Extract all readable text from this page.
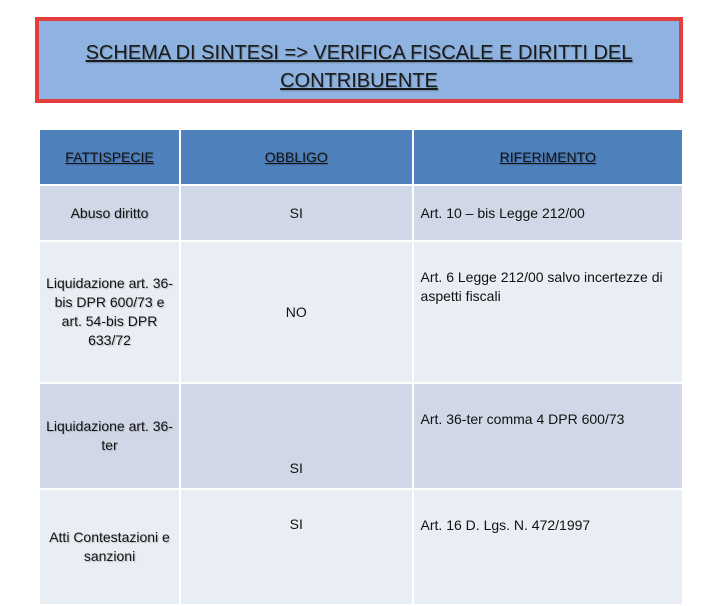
SCHEMA DI SINTESI => VERIFICA FISCALE E DIRITTI DEL CONTRIBUENTE
FATTISPECIE	OBBLIGO	RIFERIMENTO
Abuso diritto	SI	Art. 10 – bis Legge 212/00
Liquidazione art. 36-bis DPR 600/73 e art. 54-bis DPR 633/72	NO	Art. 6 Legge 212/00 salvo incertezze di aspetti fiscali
Liquidazione art. 36-ter	SI	Art. 36-ter comma 4 DPR 600/73
Atti Contestazioni e sanzioni	SI	Art. 16 D. Lgs. N. 472/1997
